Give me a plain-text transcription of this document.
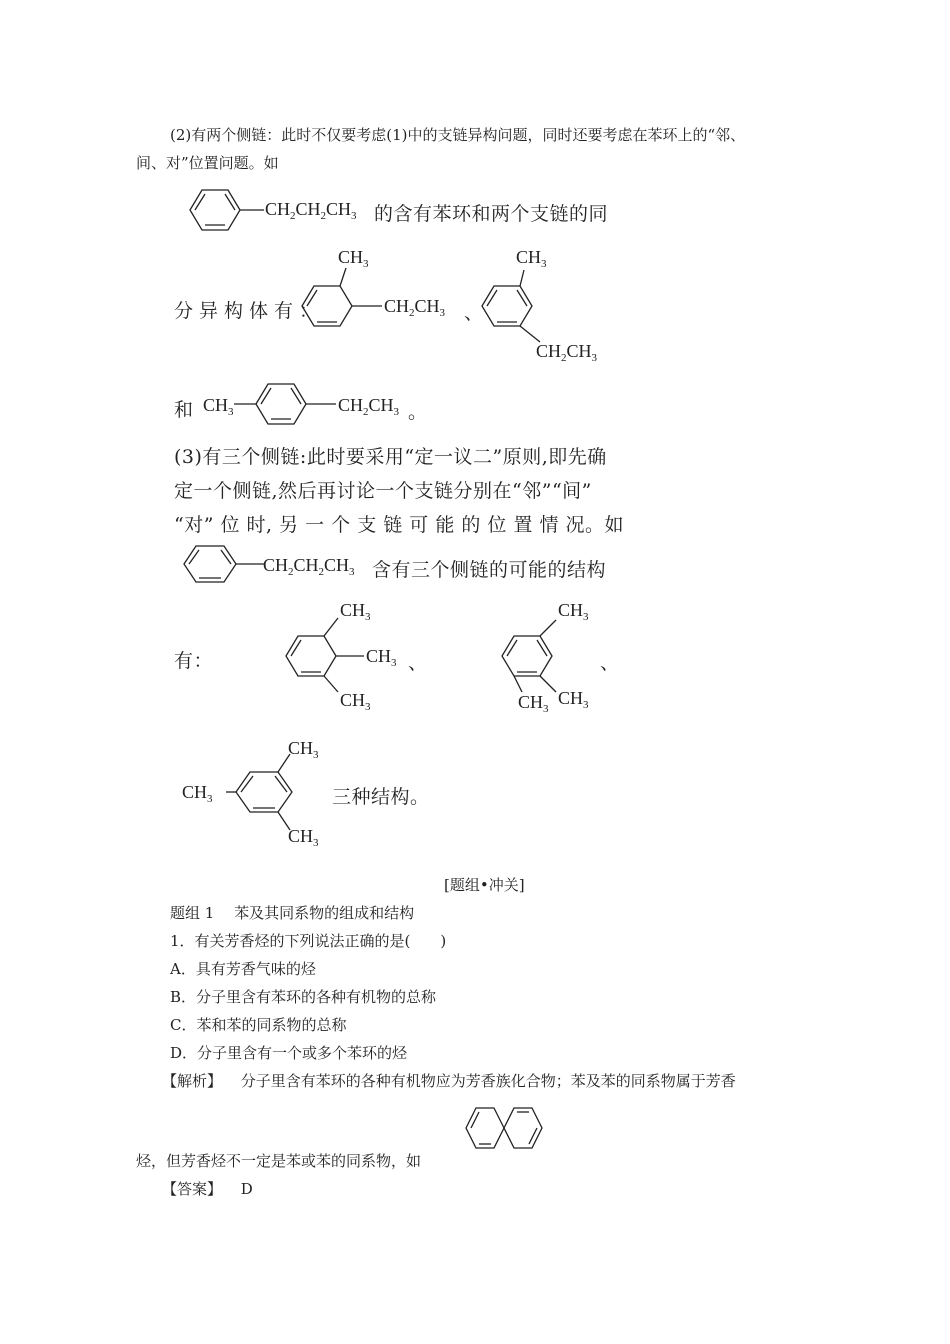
(2)有两个侧链：此时不仅要考虑(1)中的支链异构问题，同时还要考虑在苯环上的“邻、
间、对”位置问题。如
$CH_2CH_2CH_3$ 的含有苯环和两个支链的同
分异构体有：
$CH_3$
$CH_2CH_3$ 、
$CH_3$
$CH_2CH_3$
和 $CH_3$	$CH_2CH_3$ 。
(3)有三个侧链:此时要采用“定一议二”原则,即先确
定一个侧链,然后再讨论一个支链分别在“邻”“间”
“对” 位 时, 另 一 个 支 链 可 能 的 位 置 情 况。如
$CH_2CH_2CH_3$ 含有三个侧链的可能的结构
有：
$CH_3$
$CH_3$
$CH_3$
、
$CH_3$
$CH_3$
$CH_3$
、
$CH_3$
$CH_3$
$CH_3$
三种结构。
[题组•冲关]
题组 1　 苯及其同系物的组成和结构
1．有关芳香烃的下列说法正确的是(　　)
A．具有芳香气味的烃
B．分子里含有苯环的各种有机物的总称
C．苯和苯的同系物的总称
D．分子里含有一个或多个苯环的烃
【解析】 分子里含有苯环的各种有机物应为芳香族化合物；苯及苯的同系物属于芳香
烃，但芳香烃不一定是苯或苯的同系物，如
【答案】 D
